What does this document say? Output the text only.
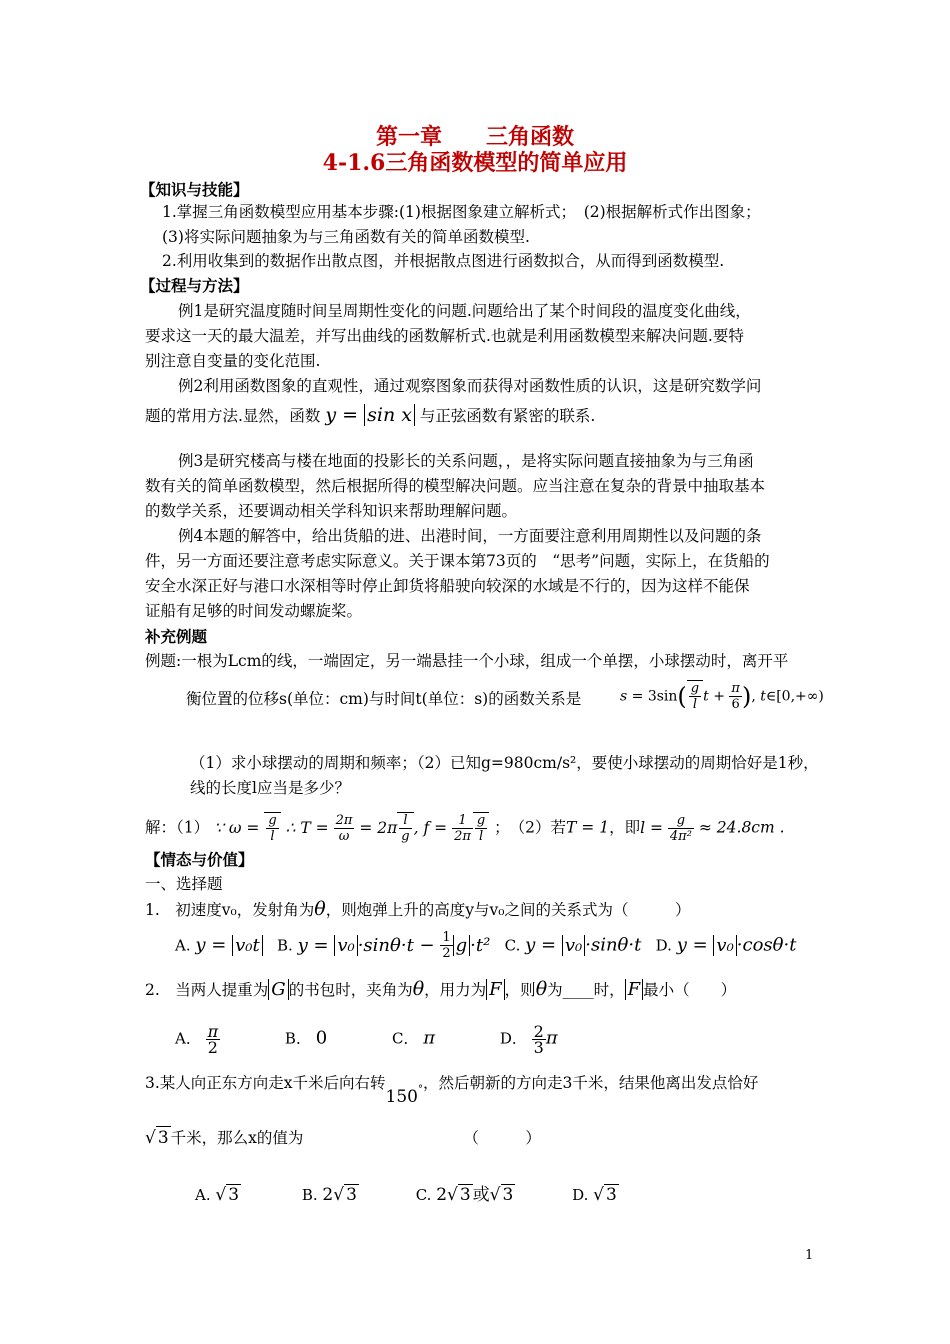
第一章　　三角函数
4-1.6三角函数模型的简单应用
【知识与技能】
1.掌握三角函数模型应用基本步骤:(1)根据图象建立解析式；　(2)根据解析式作出图象；
(3)将实际问题抽象为与三角函数有关的简单函数模型.
2.利用收集到的数据作出散点图，并根据散点图进行函数拟合，从而得到函数模型.
【过程与方法】
例1是研究温度随时间呈周期性变化的问题.问题给出了某个时间段的温度变化曲线，
要求这一天的最大温差，并写出曲线的函数解析式.也就是利用函数模型来解决问题.要特
别注意自变量的变化范围.
例2利用函数图象的直观性，通过观察图象而获得对函数性质的认识，这是研究数学问
题的常用方法.显然，函数 y = sin x 与正弦函数有紧密的联系.
例3是研究楼高与楼在地面的投影长的关系问题，，是将实际问题直接抽象为与三角函
数有关的简单函数模型，然后根据所得的模型解决问题。应当注意在复杂的背景中抽取基本
的数学关系，还要调动相关学科知识来帮助理解问题。
例4本题的解答中，给出货船的进、出港时间，一方面要注意利用周期性以及问题的条
件，另一方面还要注意考虑实际意义。关于课本第73页的　“思考”问题，实际上，在货船的
安全水深正好与港口水深相等时停止卸货将船驶向较深的水域是不行的，因为这样不能保
证船有足够的时间发动螺旋桨。
补充例题
例题:一根为Lcm的线，一端固定，另一端悬挂一个小球，组成一个单摆，小球摆动时，离开平
衡位置的位移s(单位：cm)与时间t(单位：s)的函数关系是	$s = 3\sin( \frac{g}{l}$ $t + \frac{\pi}{6}$ ), t∈[0,+∞)
（1）求小球摆动的周期和频率；（2）已知g=980cm/s²，要使小球摆动的周期恰好是1秒，
线的长度l应当是多少？
解：（1） ∵ $\omega = \frac{g}{l}$ ∴ $T = \frac{2\pi}{\omega} = 2\pi \frac{l}{g}$ , $f = \frac{1}{2\pi} \frac{g}{l}$ ；　（2）若T = 1，即$l = \frac{g}{\text{4π²}} \approx 24.8cm$ .
【情态与价值】
一、选择题
1.　初速度v₀，发射角为θ，则炮弹上升的高度y与v₀之间的关系式为（　　　）
A. y = v₀t B. $y = v_0 \cdot\sin\theta\cdot t - \frac{1}{2}$ g ·t² C. y = v₀ ·sinθ·t D. y = v₀ ·cosθ·t
2.　当两人提重为 G 的书包时，夹角为θ，用力为 F ，则θ为____时， F 最小（　　）
A． $\frac{\pi}{2}$	B． 0	C． π	D． $\frac{2}{3}$ π
3.某人向正东方向走x千米后向右转$150^\circ$，然后朝新的方向走3千米，结果他离出发点恰好
√ 3 千米，那么x的值为	（　　　）
A. √ 3	B. 2√ 3	C. 2√ 3 或√ 3	D. √ 3
1
